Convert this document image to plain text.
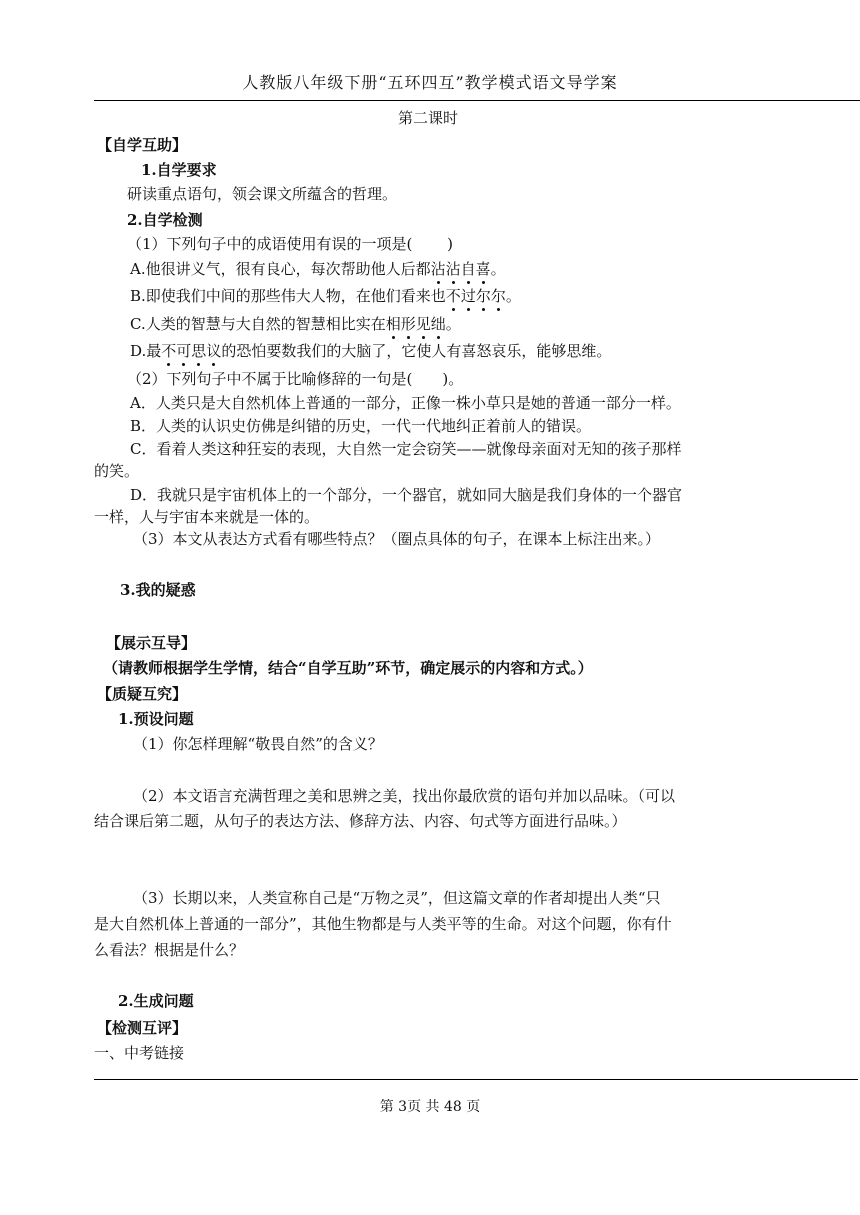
人教版八年级下册“五环四互”教学模式语文导学案
第二课时
【自学互助】
1.自学要求
研读重点语句，领会课文所蕴含的哲理。
2.自学检测
（1）下列句子中的成语使用有误的一项是(　　 )
A.他很讲义气，很有良心，每次帮助他人后都沾沾自喜。
B.即使我们中间的那些伟大人物，在他们看来也不过尔尔。
C.人类的智慧与大自然的智慧相比实在相形见绌。
D.最不可思议的恐怕要数我们的大脑了，它使人有喜怒哀乐，能够思维。
（2）下列句子中不属于比喻修辞的一句是(　　)。
A．人类只是大自然机体上普通的一部分，正像一株小草只是她的普通一部分一样。
B．人类的认识史仿佛是纠错的历史，一代一代地纠正着前人的错误。
C．看着人类这种狂妄的表现，大自然一定会窃笑——就像母亲面对无知的孩子那样
的笑。
D．我就只是宇宙机体上的一个部分，一个器官，就如同大脑是我们身体的一个器官
一样，人与宇宙本来就是一体的。
（3）本文从表达方式看有哪些特点？（圈点具体的句子，在课本上标注出来。）
3.我的疑惑
【展示互导】
（请教师根据学生学情，结合“自学互助”环节，确定展示的内容和方式。）
【质疑互究】
1.预设问题
（1）你怎样理解“敬畏自然”的含义？
（2）本文语言充满哲理之美和思辨之美，找出你最欣赏的语句并加以品味。（可以
结合课后第二题，从句子的表达方法、修辞方法、内容、句式等方面进行品味。）
（3）长期以来，人类宣称自己是“万物之灵”，但这篇文章的作者却提出人类“只
是大自然机体上普通的一部分”，其他生物都是与人类平等的生命。对这个问题，你有什
么看法？根据是什么？
2.生成问题
【检测互评】
一、中考链接
第 3页 共 48 页
